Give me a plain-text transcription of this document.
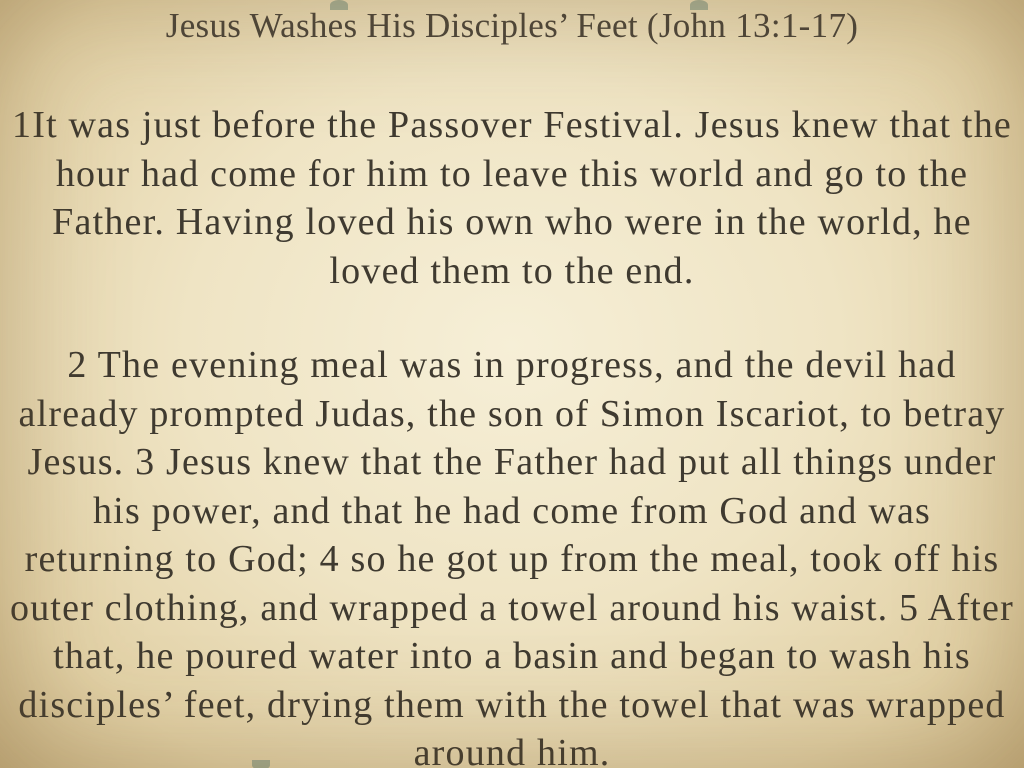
Jesus Washes His Disciples’ Feet (John 13:1-17)

1It was just before the Passover Festival. Jesus knew that the
hour had come for him to leave this world and go to the
Father. Having loved his own who were in the world, he
loved them to the end.

2 The evening meal was in progress, and the devil had
already prompted Judas, the son of Simon Iscariot, to betray
Jesus. 3 Jesus knew that the Father had put all things under
his power, and that he had come from God and was
returning to God; 4 so he got up from the meal, took off his
outer clothing, and wrapped a towel around his waist. 5 After
that, he poured water into a basin and began to wash his
disciples’ feet, drying them with the towel that was wrapped
around him.
